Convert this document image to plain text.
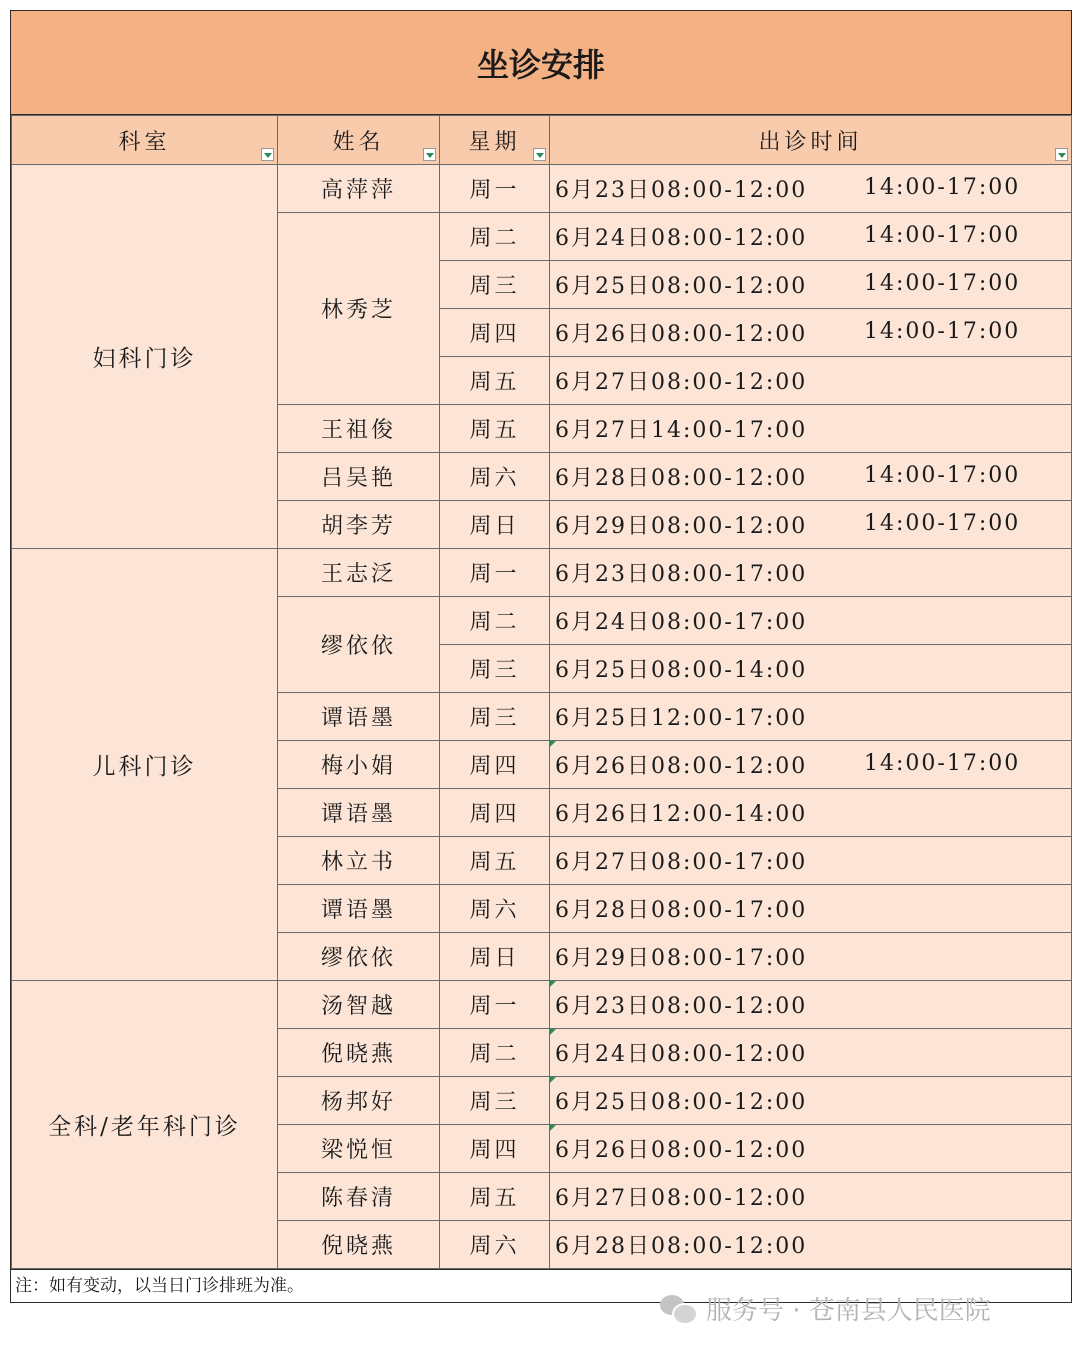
坐诊安排
科室	姓名	星期	出诊时间

妇科门诊	高萍萍	周一	6月23日08:00-12:00 14:00-17:00

	林秀芝	周二	6月24日08:00-12:00 14:00-17:00

		周三	6月25日08:00-12:00 14:00-17:00

		周四	6月26日08:00-12:00 14:00-17:00

		周五	6月27日08:00-12:00

	王祖俊	周五	6月27日14:00-17:00

	吕吴艳	周六	6月28日08:00-12:00 14:00-17:00

	胡李芳	周日	6月29日08:00-12:00 14:00-17:00

儿科门诊	王志泛	周一	6月23日08:00-17:00

	缪依依	周二	6月24日08:00-17:00

		周三	6月25日08:00-14:00

	谭语墨	周三	6月25日12:00-17:00

	梅小娟	周四	6月26日08:00-12:00 14:00-17:00

	谭语墨	周四	6月26日12:00-14:00

	林立书	周五	6月27日08:00-17:00

	谭语墨	周六	6月28日08:00-17:00

	缪依依	周日	6月29日08:00-17:00

全科/老年科门诊	汤智越	周一	6月23日08:00-12:00

	倪晓燕	周二	6月24日08:00-12:00

	杨邦好	周三	6月25日08:00-12:00

	梁悦恒	周四	6月26日08:00-12:00

	陈春清	周五	6月27日08:00-12:00

	倪晓燕	周六	6月28日08:00-12:00
注：如有变动，以当日门诊排班为准。
服务号 · 苍南县人民医院
